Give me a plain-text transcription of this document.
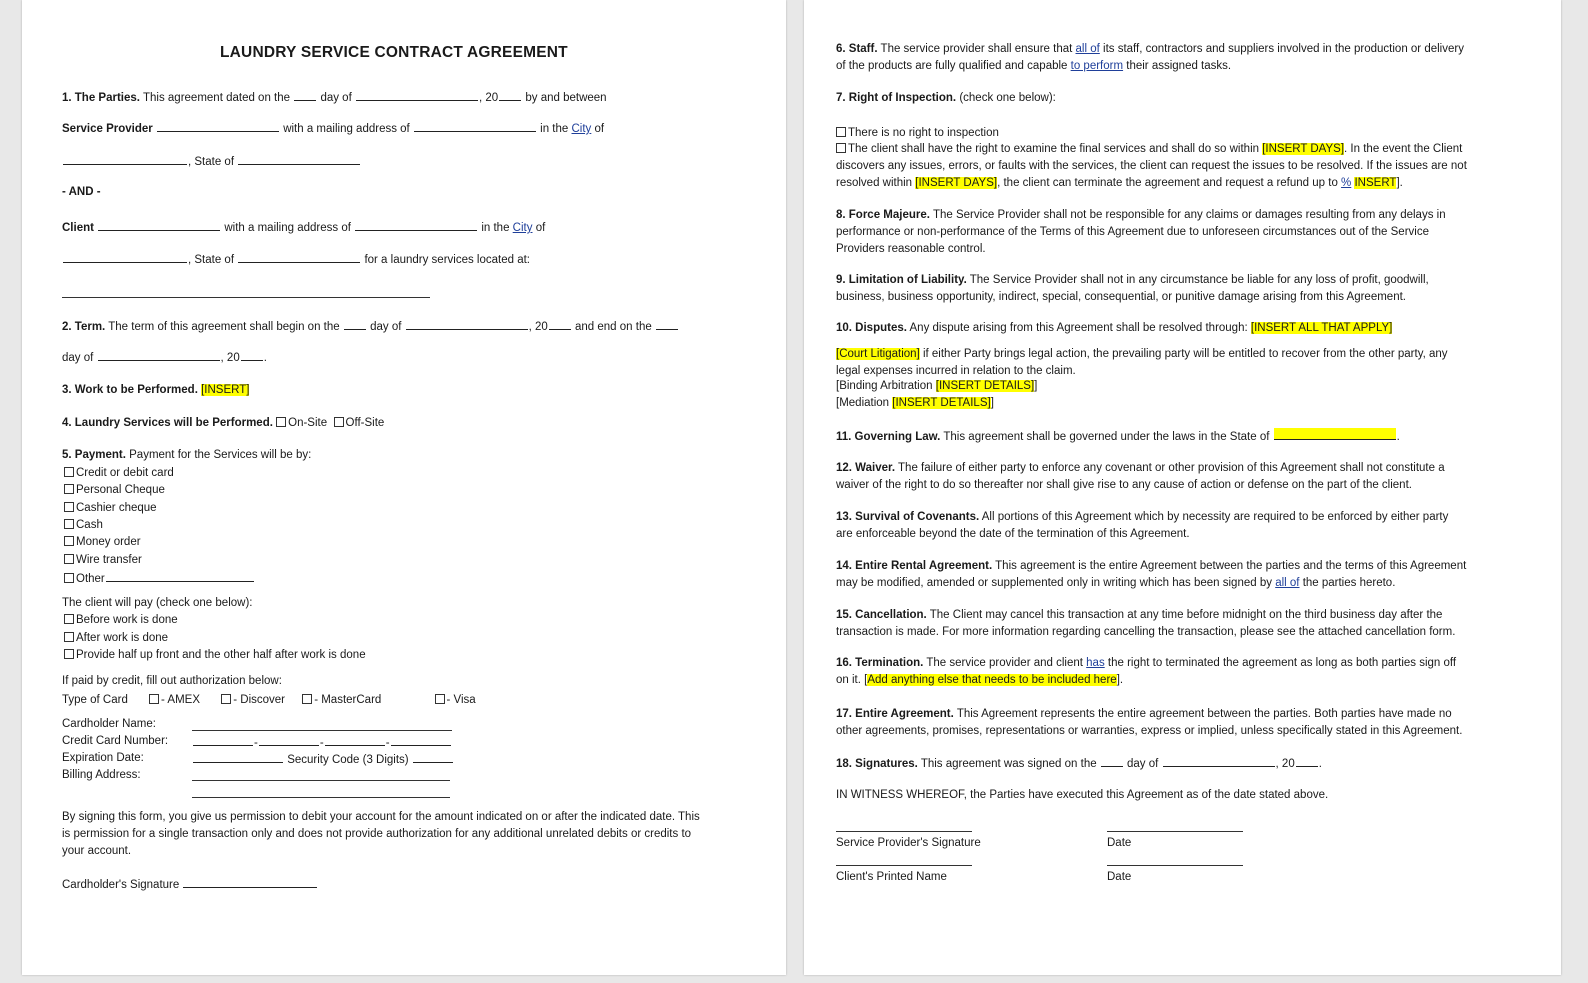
LAUNDRY SERVICE CONTRACT AGREEMENT
1. The Parties. This agreement dated on the	day of	, 20 by and between
Service Provider	with a mailing address of	in the City of
, State of
- AND -
Client	with a mailing address of	in the City of
, State of	for a laundry services located at:
2. Term. The term of this agreement shall begin on the	day of	, 20 and end on the
day of	, 20 .
3. Work to be Performed. [INSERT]
4. Laundry Services will be Performed. On-Site Off-Site
5. Payment. Payment for the Services will be by:
Credit or debit card
Personal Cheque
Cashier cheque
Cash
Money order
Wire transfer
Other
The client will pay (check one below):
Before work is done
After work is done
Provide half up front and the other half after work is done
If paid by credit, fill out authorization below:
Type of Card	- AMEX	- Discover	- MasterCard	- Visa
Cardholder Name:
Credit Card Number:	-	-	-
Expiration Date:	Security Code (3 Digits)
Billing Address:
By signing this form, you give us permission to debit your account for the amount indicated on or after the indicated date. This is permission for a single transaction only and does not provide authorization for any additional unrelated debits or credits to your account.
Cardholder's Signature
6. Staff. The service provider shall ensure that all of its staff, contractors and suppliers involved in the production or delivery of the products are fully qualified and capable to perform their assigned tasks.
7. Right of Inspection. (check one below):
There is no right to inspection
The client shall have the right to examine the final services and shall do so within [INSERT DAYS]. In the event the Client discovers any issues, errors, or faults with the services, the client can request the issues to be resolved. If the issues are not resolved within [INSERT DAYS], the client can terminate the agreement and request a refund up to % INSERT].
8. Force Majeure. The Service Provider shall not be responsible for any claims or damages resulting from any delays in performance or non-performance of the Terms of this Agreement due to unforeseen circumstances out of the Service Providers reasonable control.
9. Limitation of Liability. The Service Provider shall not in any circumstance be liable for any loss of profit, goodwill, business, business opportunity, indirect, special, consequential, or punitive damage arising from this Agreement.
10. Disputes. Any dispute arising from this Agreement shall be resolved through: [INSERT ALL THAT APPLY]
[Court Litigation] if either Party brings legal action, the prevailing party will be entitled to recover from the other party, any legal expenses incurred in relation to the claim.
[Binding Arbitration [INSERT DETAILS]]
[Mediation [INSERT DETAILS]]
11. Governing Law. This agreement shall be governed under the laws in the State of	.
12. Waiver. The failure of either party to enforce any covenant or other provision of this Agreement shall not constitute a waiver of the right to do so thereafter nor shall give rise to any cause of action or defense on the part of the client.
13. Survival of Covenants. All portions of this Agreement which by necessity are required to be enforced by either party are enforceable beyond the date of the termination of this Agreement.
14. Entire Rental Agreement. This agreement is the entire Agreement between the parties and the terms of this Agreement may be modified, amended or supplemented only in writing which has been signed by all of the parties hereto.
15. Cancellation. The Client may cancel this transaction at any time before midnight on the third business day after the transaction is made. For more information regarding cancelling the transaction, please see the attached cancellation form.
16. Termination. The service provider and client has the right to terminated the agreement as long as both parties sign off on it. [Add anything else that needs to be included here].
17. Entire Agreement. This Agreement represents the entire agreement between the parties. Both parties have made no other agreements, promises, representations or warranties, express or implied, unless specifically stated in this Agreement.
18. Signatures. This agreement was signed on the	day of	, 20 .
IN WITNESS WHEREOF, the Parties have executed this Agreement as of the date stated above.
Service Provider's Signature	Date
Client's Printed Name	Date
